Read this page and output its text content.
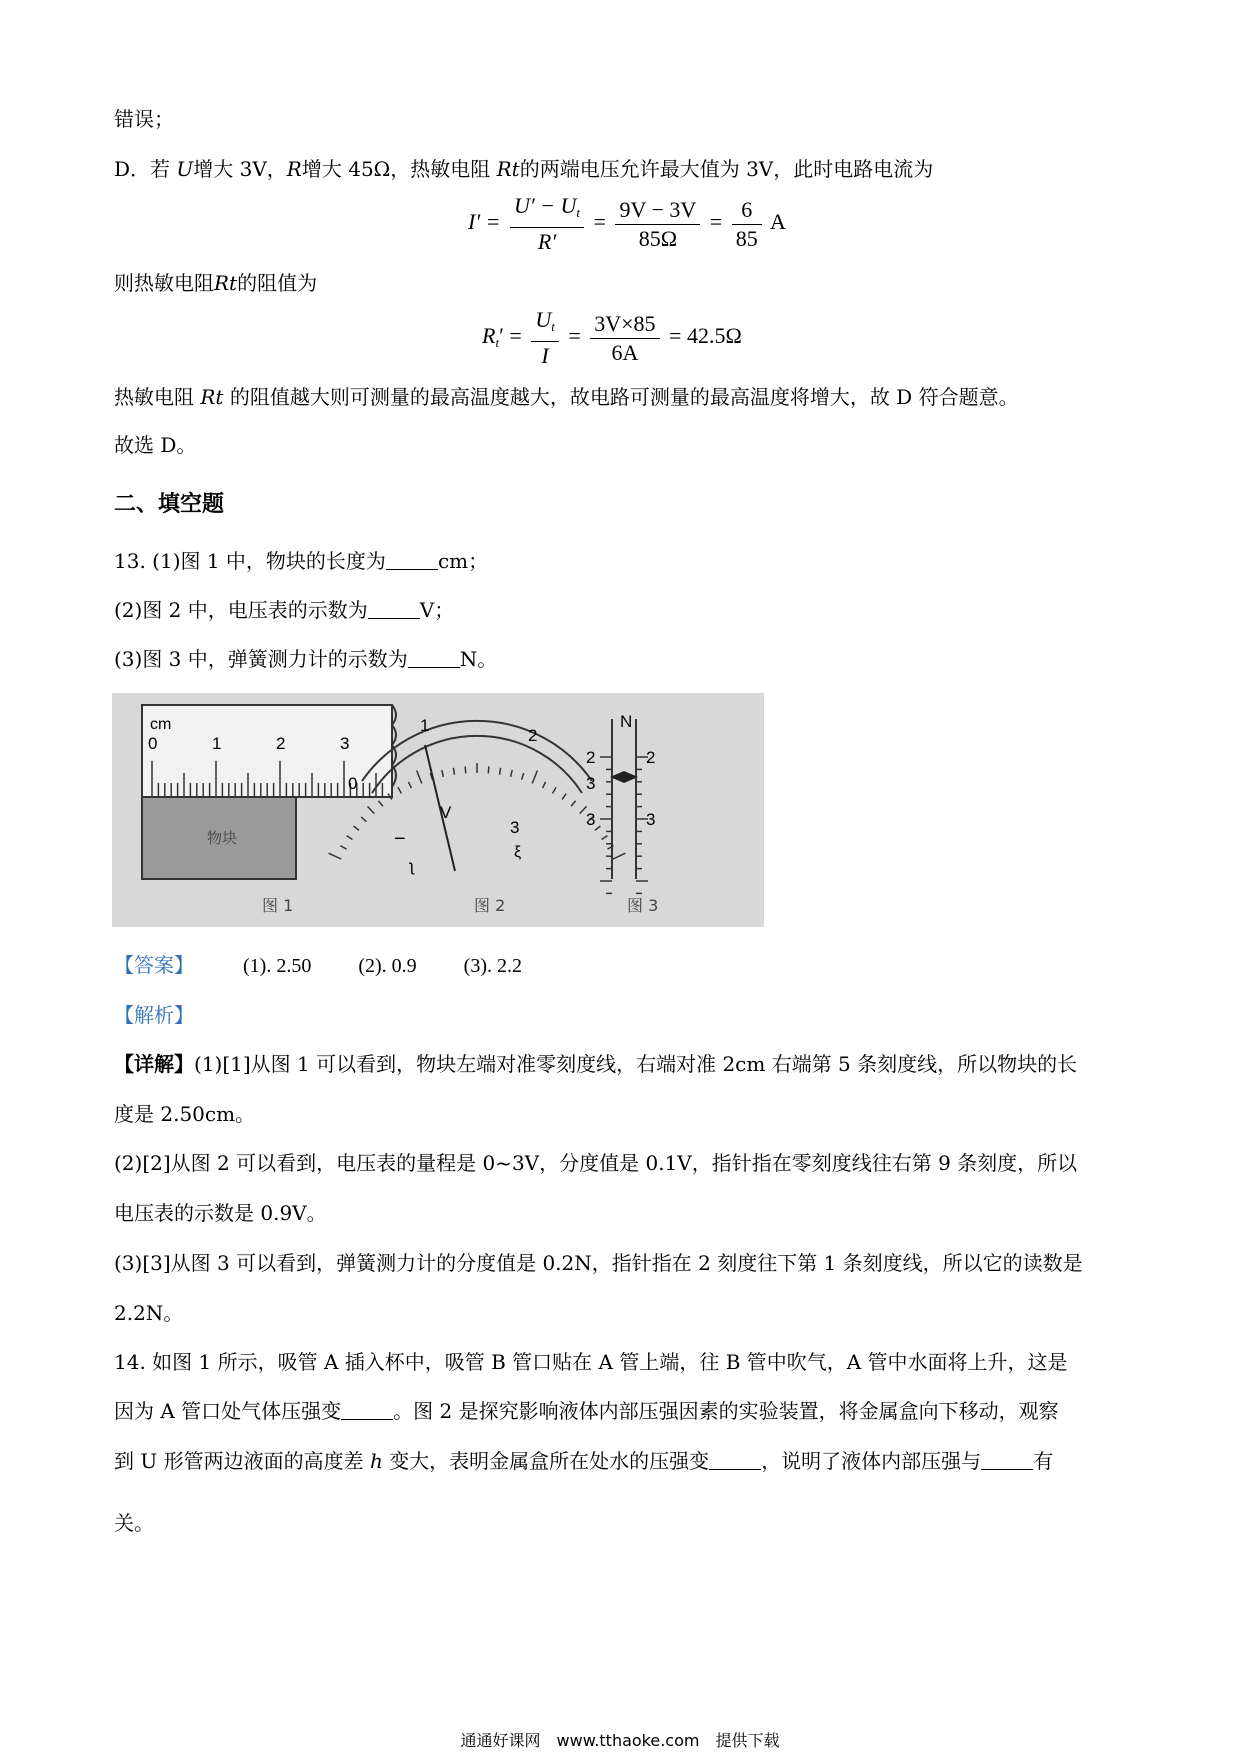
错误；
D．若 U增大 3V，R增大 45Ω，热敏电阻 Rt的两端电压允许最大值为 3V，此时电路电流为
$I' = \frac{U' - U_t}{R'} = \frac{9V - 3V}{85\Omega} = \frac{6}{85}$ A
则热敏电阻Rt的阻值为
$R_t' = \frac{U_t}{I} = \frac{3V\times 85}{6A} = 42.5\Omega$
热敏电阻 Rt 的阻值越大则可测量的最高温度越大，故电路可测量的最高温度将增大，故 D 符合题意。
故选 D。
二、填空题
13. (1)图 1 中，物块的长度为	cm；
(2)图 2 中，电压表的示数为	V；
(3)图 3 中，弹簧测力计的示数为	N。
cm
0	1	2	3
物块
图 1
0
1
2
3
V
−
3
ξ
ʅ
图 2
N
2	2
3	3
图 3
【答案】 (1). 2.50 (2). 0.9 (3). 2.2
【解析】
【详解】(1)[1]从图 1 可以看到，物块左端对准零刻度线，右端对准 2cm 右端第 5 条刻度线，所以物块的长
度是 2.50cm。
(2)[2]从图 2 可以看到，电压表的量程是 0~3V，分度值是 0.1V，指针指在零刻度线往右第 9 条刻度，所以
电压表的示数是 0.9V。
(3)[3]从图 3 可以看到，弹簧测力计的分度值是 0.2N，指针指在 2 刻度往下第 1 条刻度线，所以它的读数是
2.2N。
14. 如图 1 所示，吸管 A 插入杯中，吸管 B 管口贴在 A 管上端，往 B 管中吹气，A 管中水面将上升，这是
因为 A 管口处气体压强变	。图 2 是探究影响液体内部压强因素的实验装置，将金属盒向下移动，观察
到 U 形管两边液面的高度差 h 变大，表明金属盒所在处水的压强变	，说明了液体内部压强与	有
关。
通通好课网　www.tthaoke.com　提供下载
